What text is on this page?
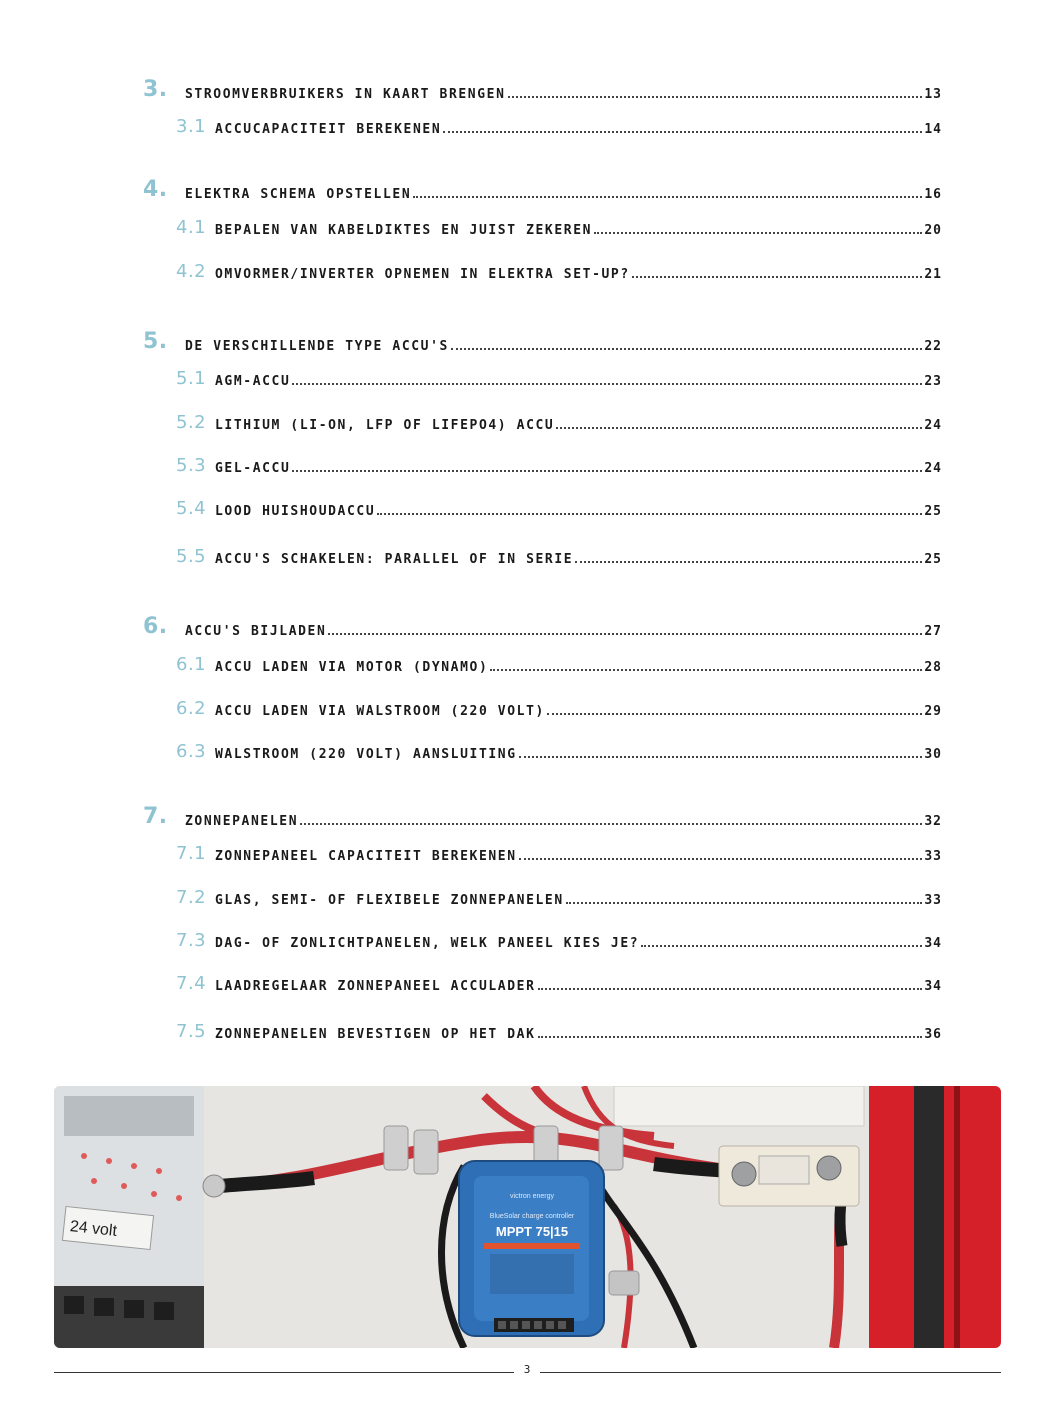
3. STROOMVERBRUIKERS IN KAART BRENGEN	13
3.1 ACCUCAPACITEIT BEREKENEN	14
4. ELEKTRA SCHEMA OPSTELLEN	16
4.1 BEPALEN VAN KABELDIKTES EN JUIST ZEKEREN	20
4.2 OMVORMER/INVERTER OPNEMEN IN ELEKTRA SET-UP?	21
5. DE VERSCHILLENDE TYPE ACCU'S	22
5.1 AGM-ACCU	23
5.2 LITHIUM (LI-ON, LFP OF LIFEPO4) ACCU	24
5.3 GEL-ACCU	24
5.4 LOOD HUISHOUDACCU	25
5.5 ACCU'S SCHAKELEN: PARALLEL OF IN SERIE	25
6. ACCU'S BIJLADEN	27
6.1 ACCU LADEN VIA MOTOR (DYNAMO)	28
6.2 ACCU LADEN VIA WALSTROOM (220 VOLT)	29
6.3 WALSTROOM (220 VOLT) AANSLUITING	30
7. ZONNEPANELEN	32
7.1 ZONNEPANEEL CAPACITEIT BEREKENEN	33
7.2 GLAS, SEMI- OF FLEXIBELE ZONNEPANELEN	33
7.3 DAG- OF ZONLICHTPANELEN, WELK PANEEL KIES JE?	34
7.4 LAADREGELAAR ZONNEPANEEL ACCULADER	34
7.5 ZONNEPANELEN BEVESTIGEN OP HET DAK	36
24 volt
victron energy
BlueSolar charge controller
MPPT 75|15
3
